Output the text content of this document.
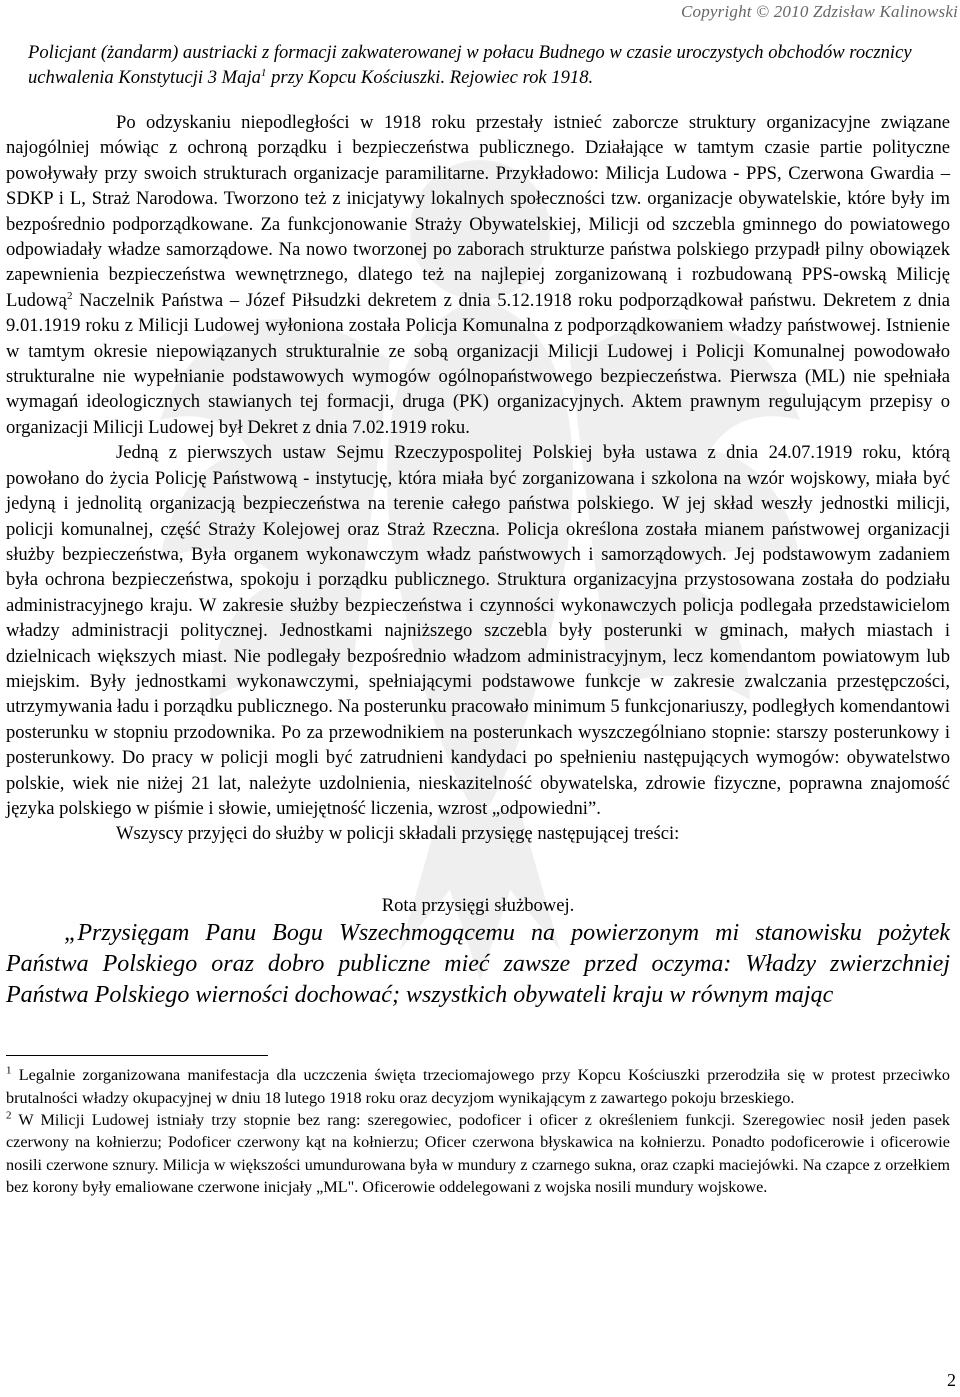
Copyright © 2010 Zdzisław Kalinowski
Policjant (żandarm) austriacki z formacji zakwaterowanej w połacu Budnego w czasie uroczystych obchodów rocznicy uchwalenia Konstytucji 3 Maja$^1$ przy Kopcu Kościuszki. Rejowiec rok 1918.

Po odzyskaniu niepodległości w 1918 roku przestały istnieć zaborcze struktury organizacyjne związane najogólniej mówiąc z ochroną porządku i bezpieczeństwa publicznego. Działające w tamtym czasie partie polityczne powoływały przy swoich strukturach organizacje paramilitarne. Przykładowo: Milicja Ludowa - PPS, Czerwona Gwardia – SDKP i L, Straż Narodowa. Tworzono też z inicjatywy lokalnych społeczności tzw. organizacje obywatelskie, które były im bezpośrednio podporządkowane. Za funkcjonowanie Straży Obywatelskiej, Milicji od szczebla gminnego do powiatowego odpowiadały władze samorządowe. Na nowo tworzonej po zaborach strukturze państwa polskiego przypadł pilny obowiązek zapewnienia bezpieczeństwa wewnętrznego, dlatego też na najlepiej zorganizowaną i rozbudowaną PPS-owską Milicję Ludową$^2$ Naczelnik Państwa – Józef Piłsudzki dekretem z dnia 5.12.1918 roku podporządkował państwu. Dekretem z dnia 9.01.1919 roku z Milicji Ludowej wyłoniona została Policja Komunalna z podporządkowaniem władzy państwowej. Istnienie w tamtym okresie niepowiązanych strukturalnie ze sobą organizacji Milicji Ludowej i Policji Komunalnej powodowało strukturalne nie wypełnianie podstawowych wymogów ogólnopaństwowego bezpieczeństwa. Pierwsza (ML) nie spełniała wymagań ideologicznych stawianych tej formacji, druga (PK) organizacyjnych. Aktem prawnym regulującym przepisy o organizacji Milicji Ludowej był Dekret z dnia 7.02.1919 roku.

Jedną z pierwszych ustaw Sejmu Rzeczypospolitej Polskiej była ustawa z dnia 24.07.1919 roku, którą powołano do życia Policję Państwową - instytucję, która miała być zorganizowana i szkolona na wzór wojskowy, miała być jedyną i jednolitą organizacją bezpieczeństwa na terenie całego państwa polskiego. W jej skład weszły jednostki milicji, policji komunalnej, część Straży Kolejowej oraz Straż Rzeczna. Policja określona została mianem państwowej organizacji służby bezpieczeństwa, Była organem wykonawczym władz państwowych i samorządowych. Jej podstawowym zadaniem była ochrona bezpieczeństwa, spokoju i porządku publicznego. Struktura organizacyjna przystosowana została do podziału administracyjnego kraju. W zakresie służby bezpieczeństwa i czynności wykonawczych policja podlegała przedstawicielom władzy administracji politycznej. Jednostkami najniższego szczebla były posterunki w gminach, małych miastach i dzielnicach większych miast. Nie podlegały bezpośrednio władzom administracyjnym, lecz komendantom powiatowym lub miejskim. Były jednostkami wykonawczymi, spełniającymi podstawowe funkcje w zakresie zwalczania przestępczości, utrzymywania ładu i porządku publicznego. Na posterunku pracowało minimum 5 funkcjonariuszy, podległych komendantowi posterunku w stopniu przodownika. Po za przewodnikiem na posterunkach wyszczególniano stopnie: starszy posterunkowy i posterunkowy. Do pracy w policji mogli być zatrudnieni kandydaci po spełnieniu następujących wymogów: obywatelstwo polskie, wiek nie niżej 21 lat, należyte uzdolnienia, nieskazitelność obywatelska, zdrowie fizyczne, poprawna znajomość języka polskiego w piśmie i słowie, umiejętność liczenia, wzrost „odpowiedni”.

Wszyscy przyjęci do służby w policji składali przysięgę następującej treści:

Rota przysięgi służbowej.

„Przysięgam Panu Bogu Wszechmogącemu na powierzonym mi stanowisku pożytek Państwa Polskiego oraz dobro publiczne mieć zawsze przed oczyma: Władzy zwierzchniej Państwa Polskiego wierności dochować; wszystkich obywateli kraju w równym mając

$^1$ Legalnie zorganizowana manifestacja dla uczczenia święta trzeciomajowego przy Kopcu Kościuszki przerodziła się w protest przeciwko brutalności władzy okupacyjnej w dniu 18 lutego 1918 roku oraz decyzjom wynikającym z zawartego pokoju brzeskiego.

$^2$ W Milicji Ludowej istniały trzy stopnie bez rang: szeregowiec, podoficer i oficer z określeniem funkcji. Szeregowiec nosił jeden pasek czerwony na kołnierzu; Podoficer czerwony kąt na kołnierzu; Oficer czerwona błyskawica na kołnierzu. Ponadto podoficerowie i oficerowie nosili czerwone sznury. Milicja w większości umundurowana była w mundury z czarnego sukna, oraz czapki maciejówki. Na czapce z orzełkiem bez korony były emaliowane czerwone inicjały „ML". Oficerowie oddelegowani z wojska nosili mundury wojskowe.

2
